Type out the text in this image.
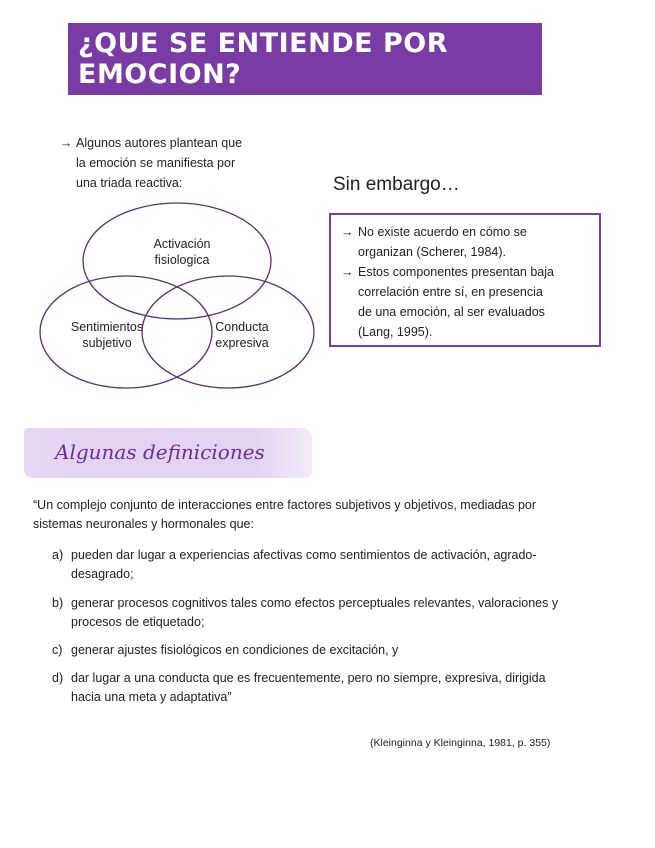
¿QUE SE ENTIENDE POR EMOCION?
→ Algunos autores plantean que
la emoción se manifiesta por
una triada reactiva:
Activación
fisiologica
Sentimientos
subjetivo
Conducta
expresiva
Sin embargo…
→ No existe acuerdo en cómo se
organizan (Scherer, 1984).
→ Estos componentes presentan baja
correlación entre sí, en presencia
de una emoción, al ser evaluados
(Lang, 1995).
Algunas definiciones
“Un complejo conjunto de interacciones entre factores subjetivos y objetivos, mediadas por
sistemas neuronales y hormonales que:
a) pueden dar lugar a experiencias afectivas como sentimientos de activación, agrado-
desagrado;
b) generar procesos cognitivos tales como efectos perceptuales relevantes, valoraciones y
procesos de etiquetado;
c) generar ajustes fisiológicos en condiciones de excitación, y
d) dar lugar a una conducta que es frecuentemente, pero no siempre, expresiva, dirigida
hacia una meta y adaptativa”
(Kleinginna y Kleinginna, 1981, p. 355)
